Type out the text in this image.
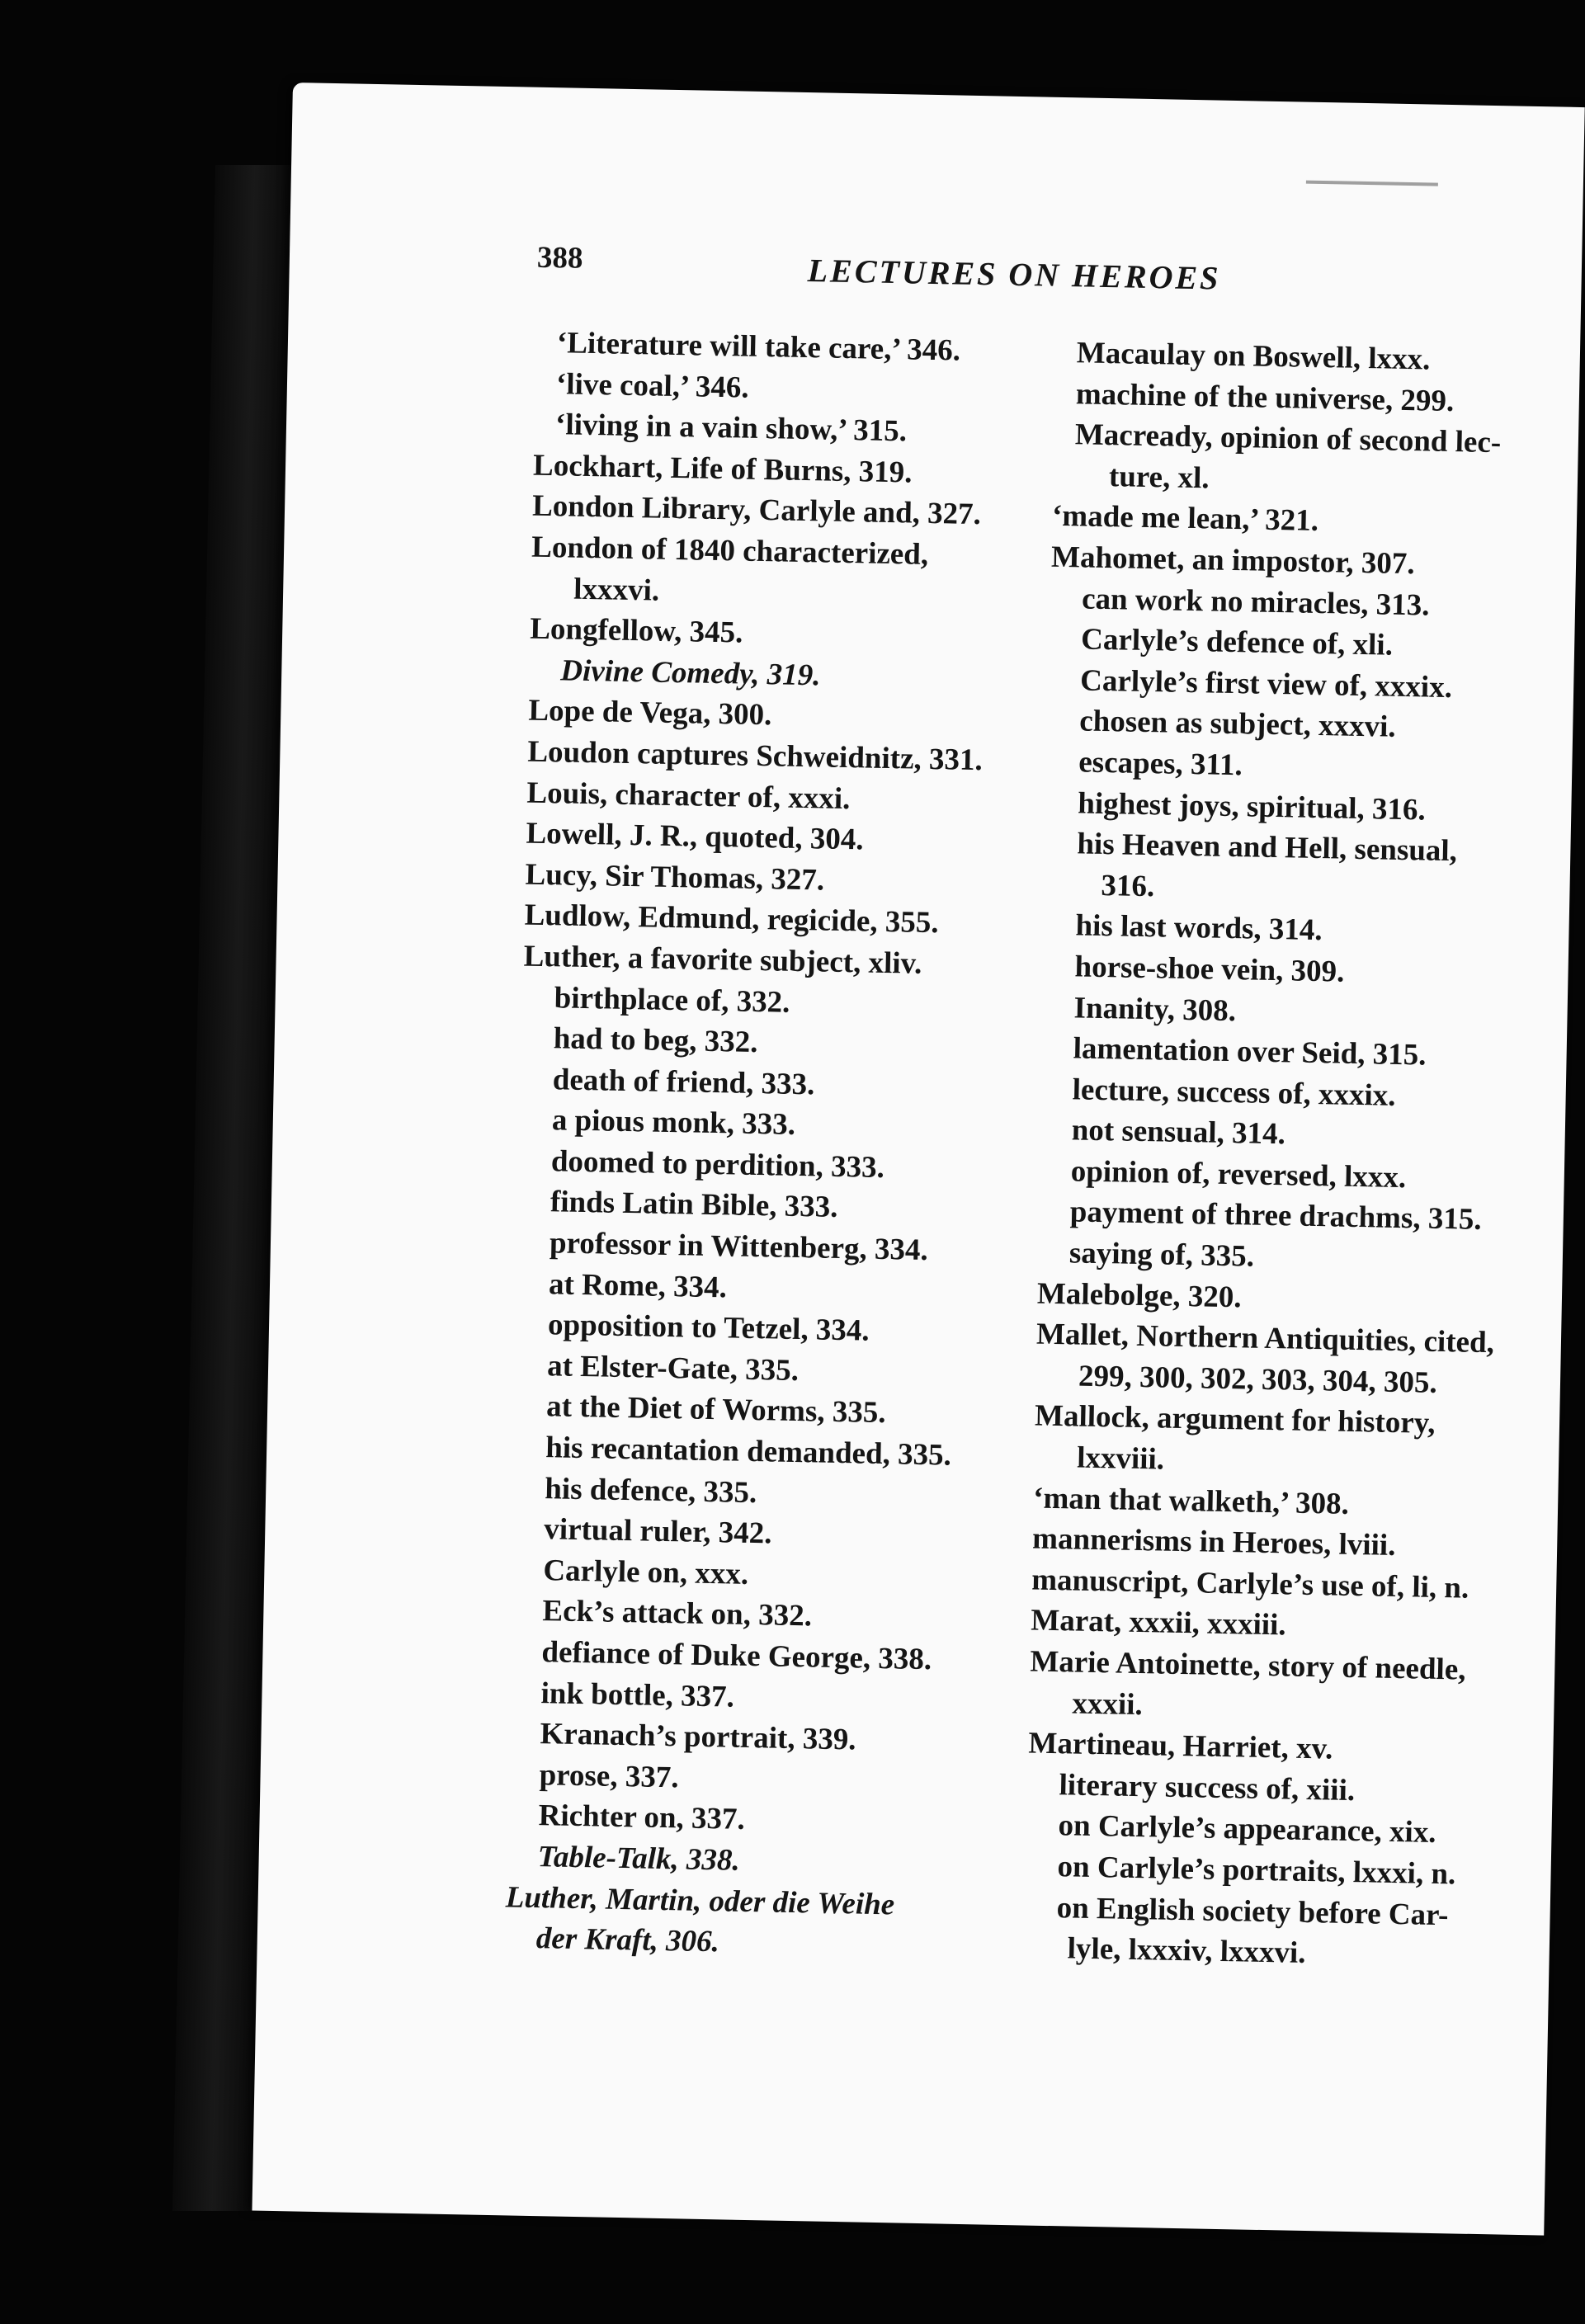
388	LECTURES ON HEROES
‘Literature will take care,’ 346.
‘live coal,’ 346.
‘living in a vain show,’ 315.
Lockhart, Life of Burns, 319.
London Library, Carlyle and, 327.
London of 1840 characterized,
lxxxvi.
Longfellow, 345.
Divine Comedy, 319.
Lope de Vega, 300.
Loudon captures Schweidnitz, 331.
Louis, character of, xxxi.
Lowell, J. R., quoted, 304.
Lucy, Sir Thomas, 327.
Ludlow, Edmund, regicide, 355.
Luther, a favorite subject, xliv.
birthplace of, 332.
had to beg, 332.
death of friend, 333.
a pious monk, 333.
doomed to perdition, 333.
finds Latin Bible, 333.
professor in Wittenberg, 334.
at Rome, 334.
opposition to Tetzel, 334.
at Elster-Gate, 335.
at the Diet of Worms, 335.
his recantation demanded, 335.
his defence, 335.
virtual ruler, 342.
Carlyle on, xxx.
Eck’s attack on, 332.
defiance of Duke George, 338.
ink bottle, 337.
Kranach’s portrait, 339.
prose, 337.
Richter on, 337.
Table-Talk, 338.
Luther, Martin, oder die Weihe
der Kraft, 306.
Macaulay on Boswell, lxxx.
machine of the universe, 299.
Macready, opinion of second lec-
ture, xl.
‘made me lean,’ 321.
Mahomet, an impostor, 307.
can work no miracles, 313.
Carlyle’s defence of, xli.
Carlyle’s first view of, xxxix.
chosen as subject, xxxvi.
escapes, 311.
highest joys, spiritual, 316.
his Heaven and Hell, sensual,
316.
his last words, 314.
horse-shoe vein, 309.
Inanity, 308.
lamentation over Seid, 315.
lecture, success of, xxxix.
not sensual, 314.
opinion of, reversed, lxxx.
payment of three drachms, 315.
saying of, 335.
Malebolge, 320.
Mallet, Northern Antiquities, cited,
299, 300, 302, 303, 304, 305.
Mallock, argument for history,
lxxviii.
‘man that walketh,’ 308.
mannerisms in Heroes, lviii.
manuscript, Carlyle’s use of, li, n.
Marat, xxxii, xxxiii.
Marie Antoinette, story of needle,
xxxii.
Martineau, Harriet, xv.
literary success of, xiii.
on Carlyle’s appearance, xix.
on Carlyle’s portraits, lxxxi, n.
on English society before Car-
lyle, lxxxiv, lxxxvi.
